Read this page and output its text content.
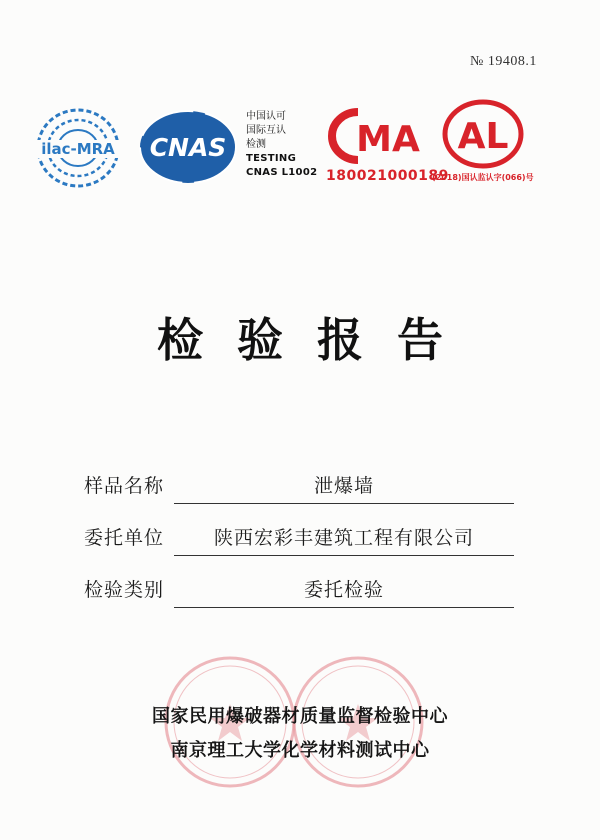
№ 19408.1
ilac-MRA CNAS
中国认可
国际互认
检测
TESTING
CNAS L1002
MA
180021000189
AL
(2018)国认监认字(066)号
检验报告
样品名称	泄爆墙
委托单位	陕西宏彩丰建筑工程有限公司
检验类别	委托检验
国家民用爆破器材质量监督检验中心
南京理工大学化学材料测试中心
